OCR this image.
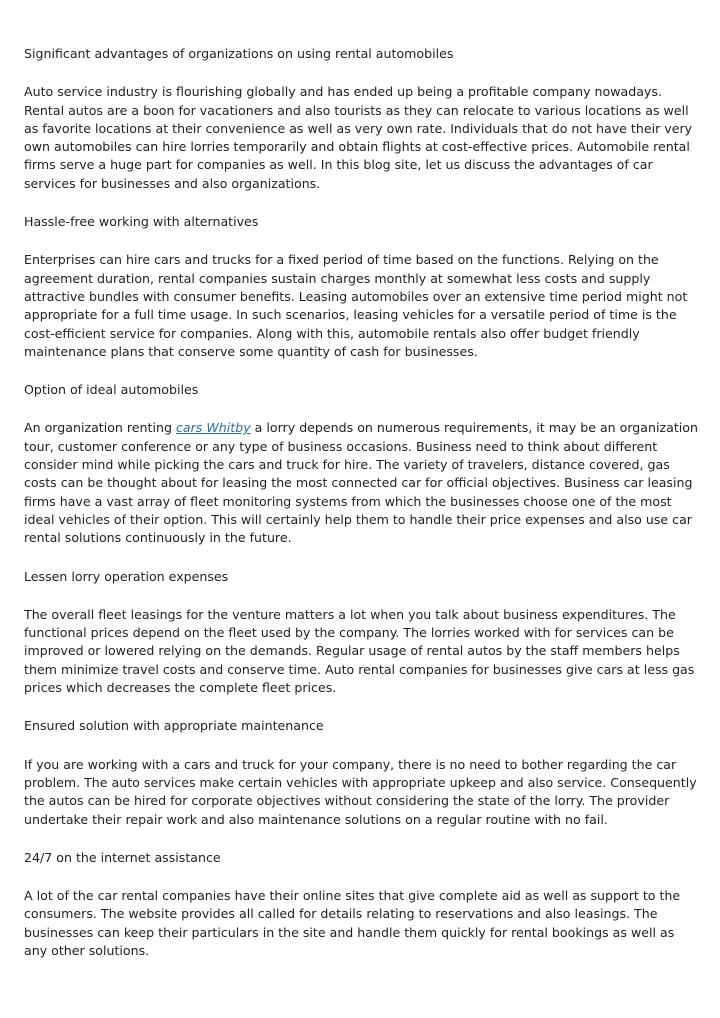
Significant advantages of organizations on using rental automobiles

Auto service industry is flourishing globally and has ended up being a profitable company nowadays. Rental autos are a boon for vacationers and also tourists as they can relocate to various locations as well as favorite locations at their convenience as well as very own rate. Individuals that do not have their very own automobiles can hire lorries temporarily and obtain flights at cost-effective prices. Automobile rental firms serve a huge part for companies as well. In this blog site, let us discuss the advantages of car services for businesses and also organizations.

Hassle-free working with alternatives

Enterprises can hire cars and trucks for a fixed period of time based on the functions. Relying on the agreement duration, rental companies sustain charges monthly at somewhat less costs and supply attractive bundles with consumer benefits. Leasing automobiles over an extensive time period might not appropriate for a full time usage. In such scenarios, leasing vehicles for a versatile period of time is the cost-efficient service for companies. Along with this, automobile rentals also offer budget friendly maintenance plans that conserve some quantity of cash for businesses.

Option of ideal automobiles

An organization renting cars Whitby a lorry depends on numerous requirements, it may be an organization tour, customer conference or any type of business occasions. Business need to think about different consider mind while picking the cars and truck for hire. The variety of travelers, distance covered, gas costs can be thought about for leasing the most connected car for official objectives. Business car leasing firms have a vast array of fleet monitoring systems from which the businesses choose one of the most ideal vehicles of their option. This will certainly help them to handle their price expenses and also use car rental solutions continuously in the future.

Lessen lorry operation expenses

The overall fleet leasings for the venture matters a lot when you talk about business expenditures. The functional prices depend on the fleet used by the company. The lorries worked with for services can be improved or lowered relying on the demands. Regular usage of rental autos by the staff members helps them minimize travel costs and conserve time. Auto rental companies for businesses give cars at less gas prices which decreases the complete fleet prices.

Ensured solution with appropriate maintenance

If you are working with a cars and truck for your company, there is no need to bother regarding the car problem. The auto services make certain vehicles with appropriate upkeep and also service. Consequently the autos can be hired for corporate objectives without considering the state of the lorry. The provider undertake their repair work and also maintenance solutions on a regular routine with no fail.

24/7 on the internet assistance

A lot of the car rental companies have their online sites that give complete aid as well as support to the consumers. The website provides all called for details relating to reservations and also leasings. The businesses can keep their particulars in the site and handle them quickly for rental bookings as well as any other solutions.
